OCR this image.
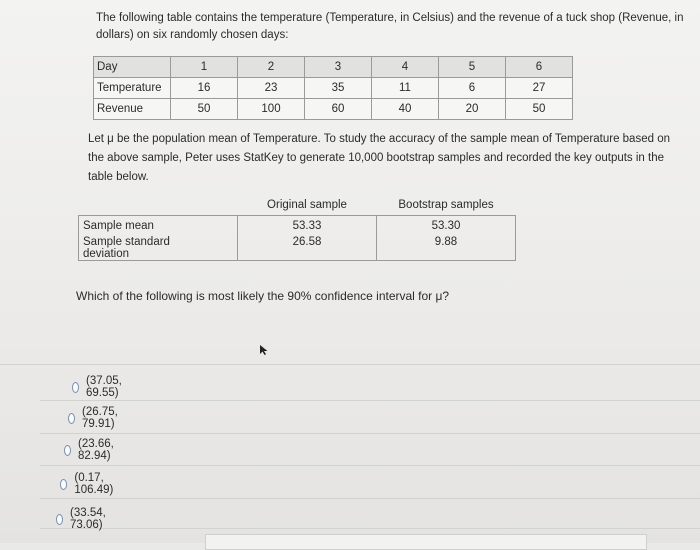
The following table contains the temperature (Temperature, in Celsius) and the revenue of a tuck shop (Revenue, in dollars) on six randomly chosen days:
Day	1	2	3	4	5	6
Temperature	16	23	35	11	6	27
Revenue	50	100	60	40	20	50
Let μ be the population mean of Temperature. To study the accuracy of the sample mean of Temperature based on the above sample, Peter uses StatKey to generate 10,000 bootstrap samples and recorded the key outputs in the table below.
	Original sample	Bootstrap samples
Sample mean	53.33	53.30

Sample standard
deviation	26.58	9.88
Which of the following is most likely the 90% confidence interval for μ?
(37.05, 69.55)
(26.75, 79.91)
(23.66, 82.94)
(0.17, 106.49)
(33.54, 73.06)
